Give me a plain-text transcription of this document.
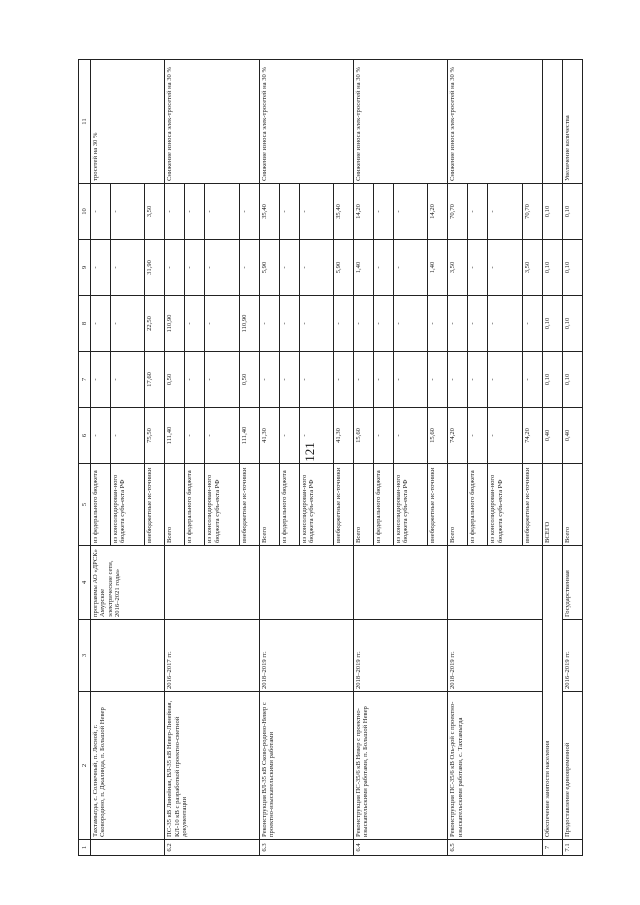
121
1	2	3	4	5	6	7	8	9	10	11
	Тахтамыгда, с. Солнечный, п. Лесной, г. Сковородино, п. Джалинда, п. Большой Невер		программы АО «ДРСК» Амурские электрические сети, 2016–2021 годы»	из федерального бюджета	-	-	-	-	-	тросетей на 30 %
				из консолидирован-ного бюджета субъ-екта РФ	-	-	-	-	-	
				внебюджетные ис-точники	75,50	17,60	22,50	31,90	3,50	
6.2	ПС-35 кВ Линейная, ВЛ-35 кВ Невер-Линейная, КЛ-10 кВ с разработкой проектно-сметной документации	2016–2017 гг.		Всего	111,40	0,50	110,90	-	-	Снижение износа элек-тросетей на 30 %
				из федерального бюджета	-	-	-	-	-	
				из консолидирован-ного бюджета субъ-екта РФ	-	-	-	-	-	
				внебюджетные ис-точники	111,40	0,50	110,90	-	-	
6.3	Реконструкция ВЛ-35 кВ Сково-родино-Невер с проектно-изыскательскими работами	2018–2019 гг.		Всего	41,30	-	-	5,90	35,40	Снижение износа элек-тросетей на 30 %
				из федерального бюджета	-	-	-	-	-	
				из консолидирован-ного бюджета субъ-екта РФ	-	-	-	-	-	
				внебюджетные ис-точники	41,30	-	-	5,90	35,40	
6.4	Реконструкция ПС-35/6 кВ Невер с проектно-изыскательскими работами, п. Большой Невер	2018–2019 гг.		Всего	15,60	-	-	1,40	14,20	Снижение износа элек-тросетей на 30 %
				из федерального бюджета	-	-	-	-	-	
				из консолидирован-ного бюджета субъ-екта РФ	-	-	-	-	-	
				внебюджетные ис-точники	15,60	-	-	1,40	14,20	
6.5	Реконструкция ПС-35/6 кВ Оль-дой с проектно-изыскательскими работами, с. Тахтамыгда	2018–2019 гг.		Всего	74,20	-	-	3,50	70,70	Снижение износа элек-тросетей на 30 %
				из федерального бюджета	-	-	-	-	-	
				из консолидирован-ного бюджета субъ-екта РФ	-	-	-	-	-	
				внебюджетные ис-точники	74,20	-	-	3,50	70,70	
7	Обеспечение занятости населения			ВСЕГО	0,40	0,10	0,10	0,10	0,10	
7.1	Предоставление единовременной	2016–2019 гг.	Государственная	Всего	0,40	0,10	0,10	0,10	0,10	Увеличение количества
